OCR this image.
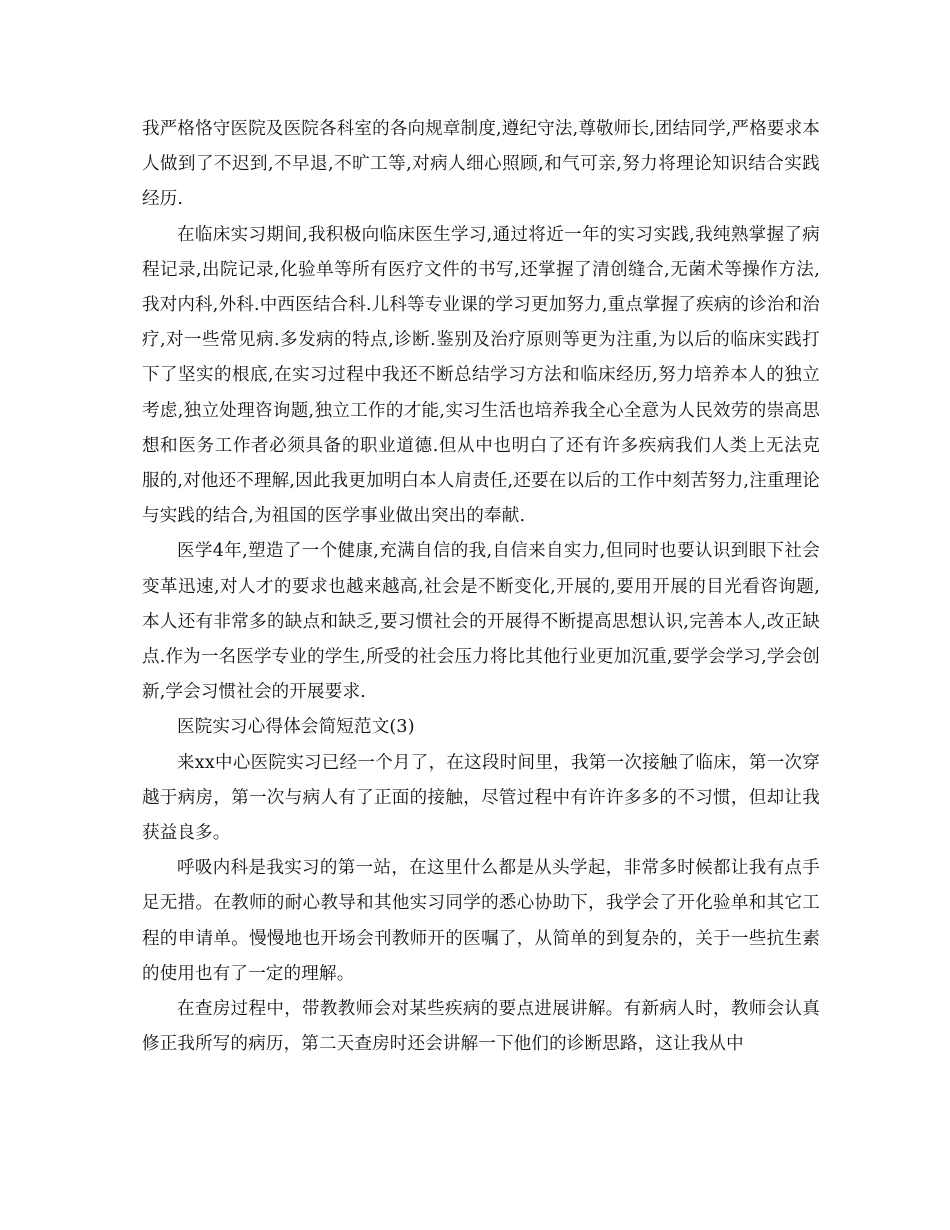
我严格恪守医院及医院各科室的各向规章制度,遵纪守法,尊敬师长,团结同学,严格要求本人做到了不迟到,不早退,不旷工等,对病人细心照顾,和气可亲,努力将理论知识结合实践经历.

在临床实习期间,我积极向临床医生学习,通过将近一年的实习实践,我纯熟掌握了病程记录,出院记录,化验单等所有医疗文件的书写,还掌握了清创缝合,无菌术等操作方法,我对内科,外科.中西医结合科.儿科等专业课的学习更加努力,重点掌握了疾病的诊治和治疗,对一些常见病.多发病的特点,诊断.鉴别及治疗原则等更为注重,为以后的临床实践打下了坚实的根底,在实习过程中我还不断总结学习方法和临床经历,努力培养本人的独立考虑,独立处理咨询题,独立工作的才能,实习生活也培养我全心全意为人民效劳的崇高思想和医务工作者必须具备的职业道德.但从中也明白了还有许多疾病我们人类上无法克服的,对他还不理解,因此我更加明白本人肩责任,还要在以后的工作中刻苦努力,注重理论与实践的结合,为祖国的医学事业做出突出的奉献.

医学4年,塑造了一个健康,充满自信的我,自信来自实力,但同时也要认识到眼下社会变革迅速,对人才的要求也越来越高,社会是不断变化,开展的,要用开展的目光看咨询题,本人还有非常多的缺点和缺乏,要习惯社会的开展得不断提高思想认识,完善本人,改正缺点.作为一名医学专业的学生,所受的社会压力将比其他行业更加沉重,要学会学习,学会创新,学会习惯社会的开展要求.

医院实习心得体会简短范文(3)

来xx中心医院实习已经一个月了，在这段时间里，我第一次接触了临床，第一次穿越于病房，第一次与病人有了正面的接触，尽管过程中有许许多多的不习惯，但却让我获益良多。

呼吸内科是我实习的第一站，在这里什么都是从头学起，非常多时候都让我有点手足无措。在教师的耐心教导和其他实习同学的悉心协助下，我学会了开化验单和其它工程的申请单。慢慢地也开场会刊教师开的医嘱了，从简单的到复杂的，关于一些抗生素的使用也有了一定的理解。

在查房过程中，带教教师会对某些疾病的要点进展讲解。有新病人时，教师会认真修正我所写的病历，第二天查房时还会讲解一下他们的诊断思路，这让我从中
